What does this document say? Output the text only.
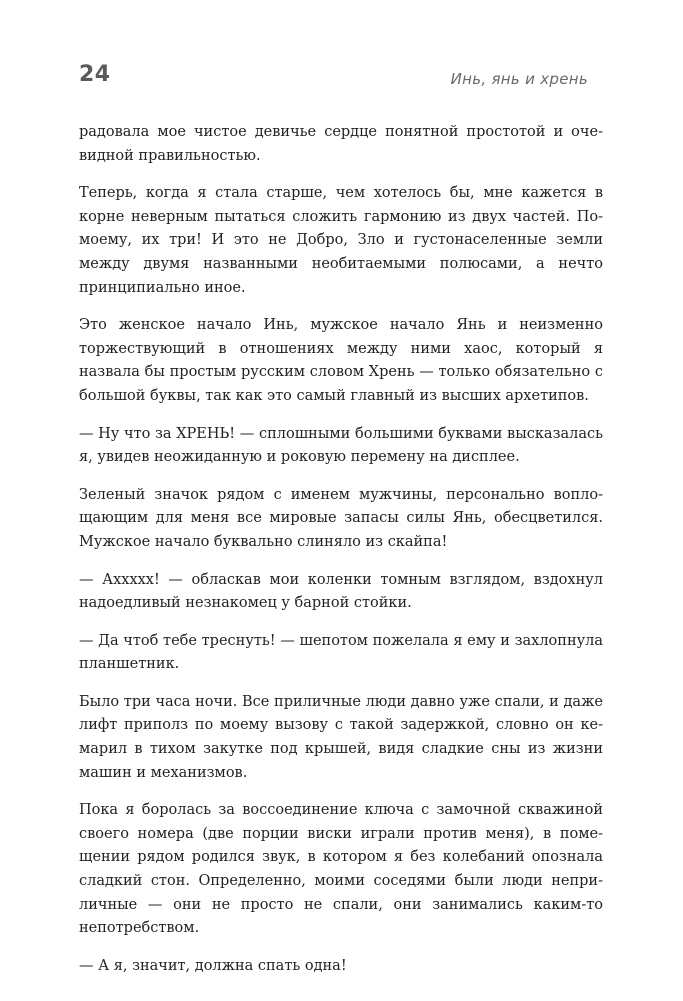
24	Инь, янь и хрень

радовала мое чистое девичье сердце понятной простотой и очевидной правильностью.

Теперь, когда я стала старше, чем хотелось бы, мне кажется в корне неверным пытаться сложить гармонию из двух частей. По-моему, их три! И это не Добро, Зло и густонаселенные земли между двумя названными необитаемыми полюсами, а нечто принципиально иное.

Это женское начало Инь, мужское начало Янь и неизменно торжествующий в отношениях между ними хаос, который я назвала бы простым русским словом Хрень — только обязательно с большой буквы, так как это самый главный из высших архетипов.

— Ну что за ХРЕНЬ! — сплошными большими буквами высказалась я, увидев неожиданную и роковую перемену на дисплее.

Зеленый значок рядом с именем мужчины, персонально воплощающим для меня все мировые запасы силы Янь, обесцветился. Мужское начало буквально слиняло из скайпа!

— Аххххх! — обласкав мои коленки томным взглядом, вздохнул надоедливый незнакомец у барной стойки.

— Да чтоб тебе треснуть! — шепотом пожелала я ему и захлопнула планшетник.

Было три часа ночи. Все приличные люди давно уже спали, и даже лифт приполз по моему вызову с такой задержкой, словно он кемарил в тихом закутке под крышей, видя сладкие сны из жизни машин и механизмов.

Пока я боролась за воссоединение ключа с замочной скважиной своего номера (две порции виски играли против меня), в помещении рядом родился звук, в котором я без колебаний опознала сладкий стон. Определенно, моими соседями были люди неприличные — они не просто не спали, они занимались каким-то непотребством.

— А я, значит, должна спать одна!
